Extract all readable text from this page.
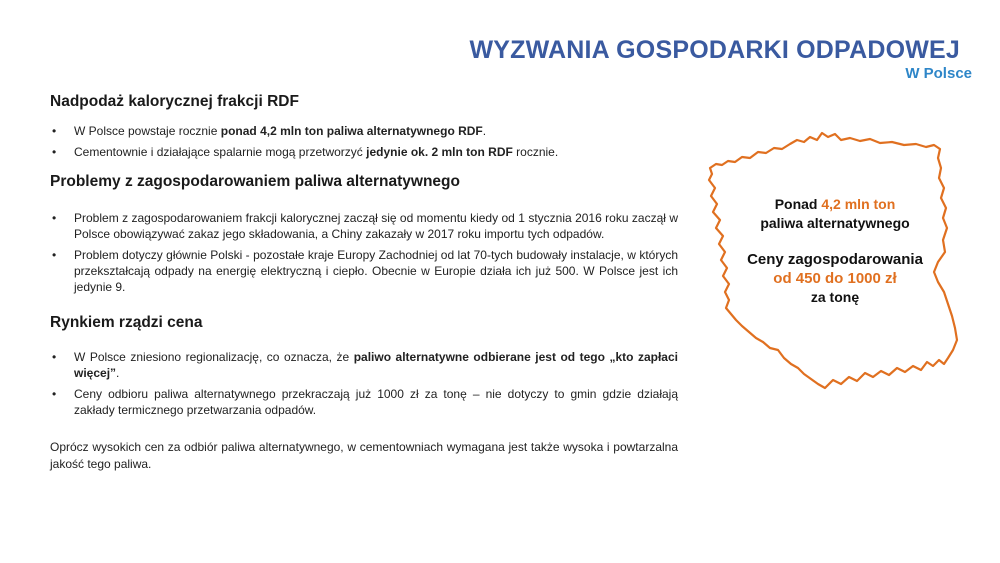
WYZWANIA GOSPODARKI ODPADOWEJ

W Polsce

Nadpodaż kalorycznej frakcji RDF
• W Polsce powstaje rocznie ponad 4,2 mln ton paliwa alternatywnego RDF.
• Cementownie i działające spalarnie mogą przetworzyć jedynie ok. 2 mln ton RDF rocznie.
Problemy z zagospodarowaniem paliwa alternatywnego
• Problem z zagospodarowaniem frakcji kalorycznej zaczął się od momentu kiedy od 1 stycznia 2016 roku zaczął w Polsce obowiązywać zakaz jego składowania, a Chiny zakazały w 2017 roku importu tych odpadów.
• Problem dotyczy głównie Polski - pozostałe kraje Europy Zachodniej od lat 70-tych budowały instalacje, w których przekształcają odpady na energię elektryczną i ciepło. Obecnie w Europie działa ich już 500. W Polsce jest ich jedynie 9.
Rynkiem rządzi cena
• W Polsce zniesiono regionalizację, co oznacza, że paliwo alternatywne odbierane jest od tego „kto zapłaci więcej”.
• Ceny odbioru paliwa alternatywnego przekraczają już 1000 zł za tonę – nie dotyczy to gmin gdzie działają zakłady termicznego przetwarzania odpadów.

Oprócz wysokich cen za odbiór paliwa alternatywnego, w cementowniach wymagana jest także wysoka i powtarzalna jakość tego paliwa.

Ponad 4,2 mln ton
paliwa alternatywnego
Ceny zagospodarowania
od 450 do 1000 zł
za tonę
